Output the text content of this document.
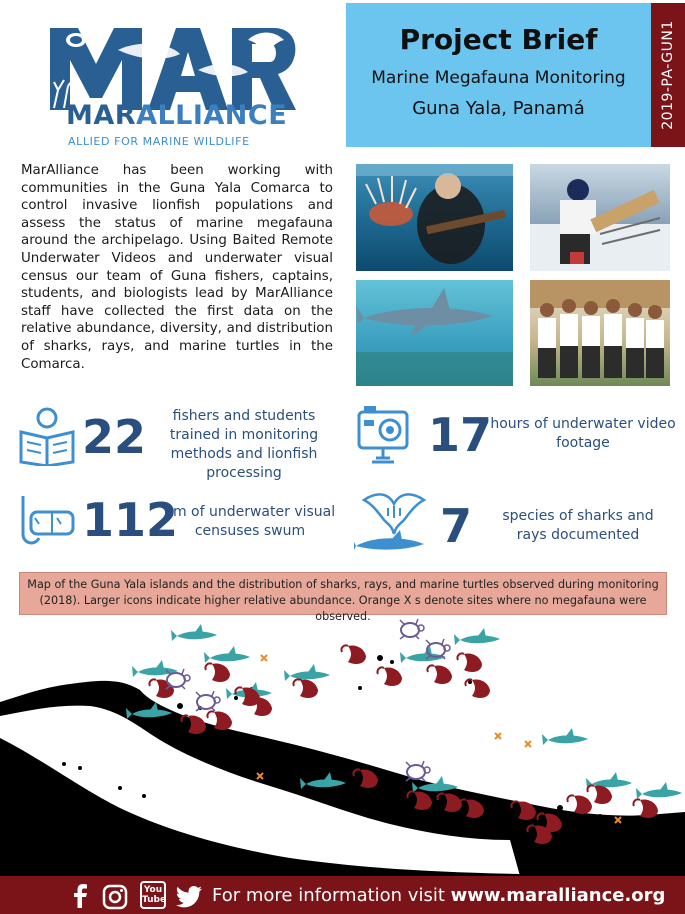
MARALLIANCE
ALLIED FOR MARINE WILDLIFE
Project Brief
Marine Megafauna Monitoring
Guna Yala, Panamá	2019-PA-GUN1
MarAlliance has been working with communities in the Guna Yala Comarca to control invasive lionfish populations and assess the status of marine megafauna around the archipelago. Using Baited Remote Underwater Videos and underwater visual census our team of Guna fishers, captains, students, and biologists lead by MarAlliance staff have collected the first data on the relative abundance, diversity, and distribution of sharks, rays, and marine turtles in the Comarca.
22	fishers and students trained in monitoring methods and lionfish processing
17
hours of underwater video footage
112
km of underwater visual censuses swum	7	species of sharks and rays documented
Map of the Guna Yala islands and the distribution of sharks, rays, and marine turtles observed during monitoring (2018). Larger icons indicate higher relative abundance. Orange X s denote sites where no megafauna were observed.
You Tube	For more information visit www.maralliance.org
